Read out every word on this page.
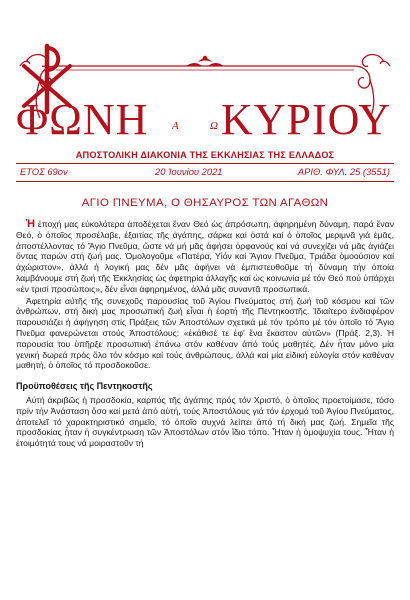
ΦΩΝΗ Α	Ω ΚΥΡΙΟΥ
ΑΠΟΣΤΟΛΙΚΗ ΔΙΑΚΟΝΙΑ ΤΗΣ ΕΚΚΛΗΣΙΑΣ ΤΗΣ ΕΛΛΑΔΟΣ
ΕΤΟΣ 69ον	20 Ἰουνίου 2021	ΑΡΙΘ. ΦΥΛ. 25 (3551)
ΑΓΙΟ ΠΝΕΥΜΑ, Ο ΘΗΣΑΥΡΟΣ ΤΩΝ ΑΓΑΘΩΝ

Ἡ ἐποχή μας εὐκολότερα ἀποδέχεται ἕναν Θεό ὡς ἀπρόσωπη, ἀφηρημένη δύναμη, παρά ἕναν Θεό, ὁ ὁποῖος προσέλαβε, ἐξαιτίας τῆς ἀγάπης, σάρκα καί ὀστά καί ὁ ὁποῖος μεριμνᾶ γιά ἐμᾶς, ἀποστέλλοντας τό Ἅγιο Πνεῦμα, ὥστε νά μή μᾶς ἀφήσει ὀρφανούς καί νά συνεχίζει νά μᾶς ἁγιάζει ὄντας παρών στή ζωή μας. Ὁμολογοῦμε «Πατέρα, Υἱόν καί Ἅγιον Πνεῦμα, Τριάδα ὁμοούσιον καί ἀχώριστον», ἀλλά ἡ λογική μας δέν μᾶς ἀφήνει νά ἐμπιστευθοῦμε τή δύναμη τήν ὁποία λαμβάνουμε στή ζωή τῆς Ἐκκλησίας ὡς ἀφετηρία ἀλλαγῆς καί ὡς κοινωνία μέ τόν Θεό πού ὑπάρχει «ἐν τρισί προσώποις», δέν εἶναι ἀφηρημένος, ἀλλά μᾶς συναντᾶ προσωπικά.

Ἀφετηρία αὐτῆς τῆς συνεχοῦς παρουσίας τοῦ Ἁγίου Πνεύματος στή ζωή τοῦ κόσμου καί τῶν ἀνθρώπων, στή δική μας προσωπική ζωή εἶναι ἡ ἑορτή τῆς Πεντηκοστῆς. Ἰδιαίτερο ἐνδιαφέρον παρουσιάζει ἡ ἀφήγηση στίς Πράξεις τῶν Ἀποστόλων σχετικά μέ τόν τρόπο μέ τόν ὁποῖο τό Ἅγιο Πνεῦμα φανερώνεται στούς Ἀποστόλους: «ἐκάθισέ τε ἐφ' ἕνα ἕκαστον αὐτῶν» (Πράξ. 2,3). Ἡ παρουσία του ὑπῆρξε προσωπική ἐπάνω στόν καθέναν ἀπό τούς μαθητές. Δέν ἦταν μόνο μία γενική δωρεά πρός ὅλο τόν κόσμο καί τούς ἀνθρώπους, ἀλλά καί μία εἰδική εὐλογία στόν καθέναν μαθητή, ὁ ὁποῖος τό προσδοκοῦσε.

Προϋποθέσεις τῆς Πεντηκοστῆς

Αὐτή ἀκριβῶς ἡ προσδοκία, καρπός τῆς ἀγάπης πρός τόν Χριστό, ὁ ὁποῖος προετοίμασε, τόσο πρίν τήν Ἀνάσταση ὅσο καί μετά ἀπό αὐτή, τούς Ἀποστόλους γιά τόν ἐρχομό τοῦ Ἁγίου Πνεύματος, ἀποτελεῖ τό χαρακτηριστικό σημεῖο, τό ὁποῖο συχνά λείπει ἀπό τή δική μας ζωή. Σημεῖα τῆς προσδοκίας ἦταν ἡ συγκέντρωση τῶν Ἀποστόλων στόν ἴδιο τόπο. Ἦταν ἡ ὁμοψυχία τους. Ἦταν ἡ ἑτοιμότητά τους νά μοιραστοῦν τή
